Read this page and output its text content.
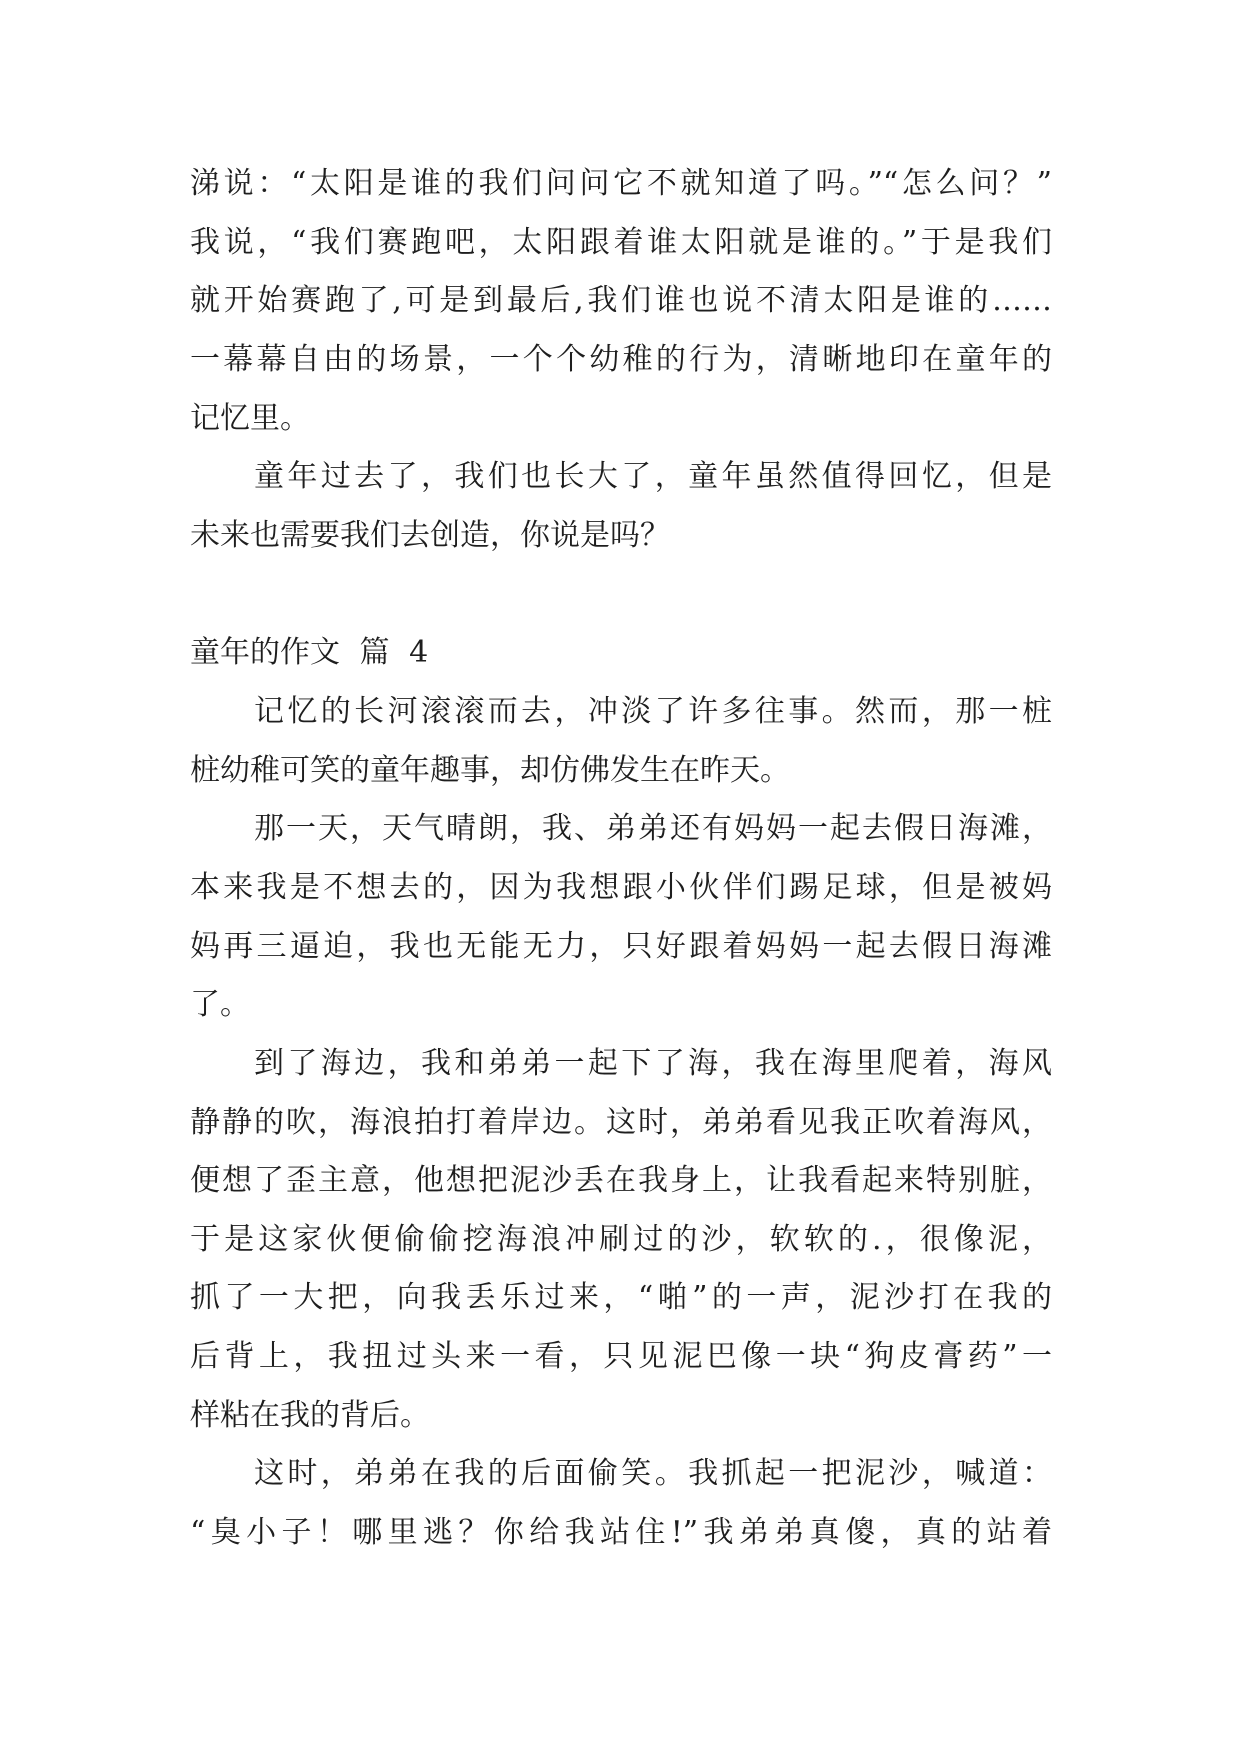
涕说：“太阳是谁的我们问问它不就知道了吗。”“怎么问？”
我说，“我们赛跑吧，太阳跟着谁太阳就是谁的。”于是我们
就开始赛跑了,可是到最后,我们谁也说不清太阳是谁的……
一幕幕自由的场景，一个个幼稚的行为，清晰地印在童年的
记忆里。
童年过去了，我们也长大了，童年虽然值得回忆，但是
未来也需要我们去创造，你说是吗？
童年的作文 篇 4
记忆的长河滚滚而去，冲淡了许多往事。然而，那一桩
桩幼稚可笑的童年趣事，却仿佛发生在昨天。
那一天，天气晴朗，我、弟弟还有妈妈一起去假日海滩，
本来我是不想去的，因为我想跟小伙伴们踢足球，但是被妈
妈再三逼迫，我也无能无力，只好跟着妈妈一起去假日海滩
了。
到了海边，我和弟弟一起下了海，我在海里爬着，海风
静静的吹，海浪拍打着岸边。这时，弟弟看见我正吹着海风，
便想了歪主意，他想把泥沙丢在我身上，让我看起来特别脏，
于是这家伙便偷偷挖海浪冲刷过的沙，软软的.，很像泥，
抓了一大把，向我丢乐过来，“啪”的一声，泥沙打在我的
后背上，我扭过头来一看，只见泥巴像一块“狗皮膏药”一
样粘在我的背后。
这时，弟弟在我的后面偷笑。我抓起一把泥沙，喊道：
“臭小子！哪里逃？你给我站住!”我弟弟真傻，真的站着
